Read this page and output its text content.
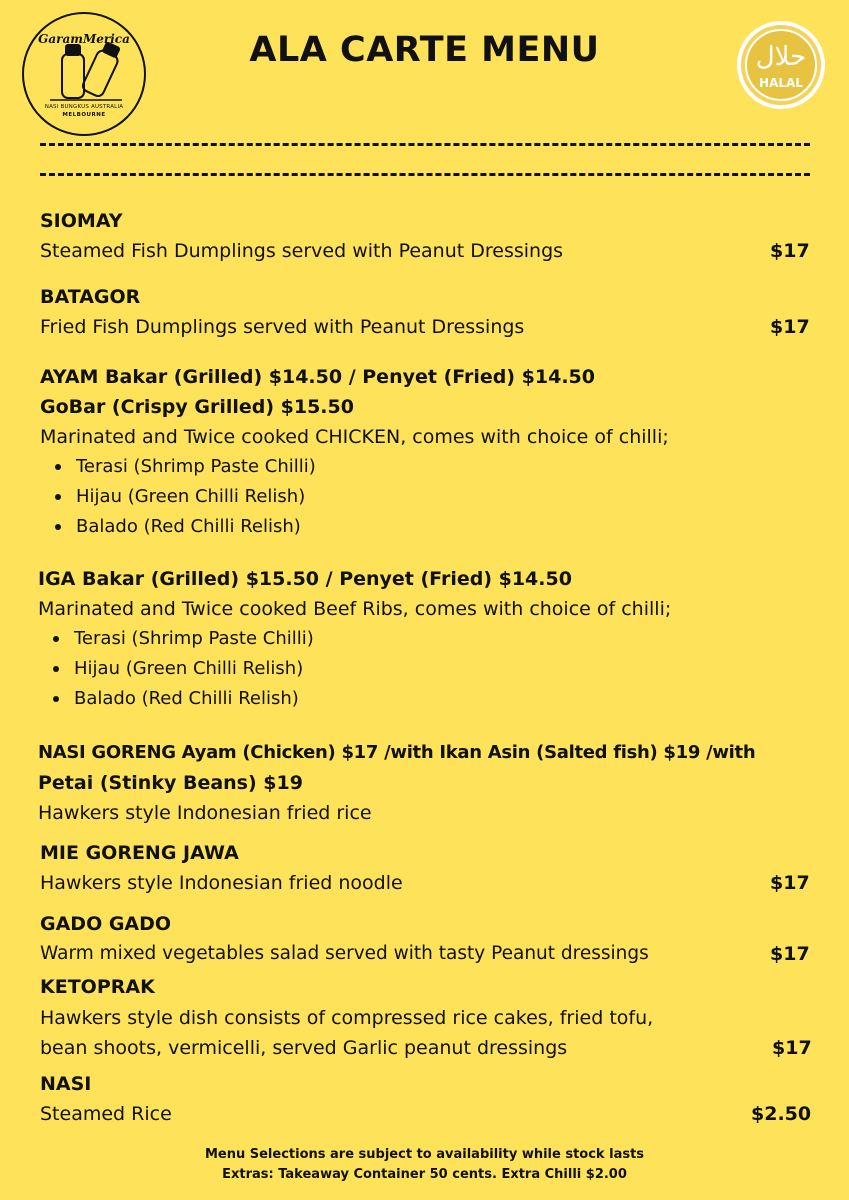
GaramMerica
NASI BUNGKUS AUSTRALIA
MELBOURNE
ALA CARTE MENU	حلال
HALAL
SIOMAY
Steamed Fish Dumplings served with Peanut Dressings	$17
BATAGOR
Fried Fish Dumplings served with Peanut Dressings	$17
AYAM Bakar (Grilled) $14.50 / Penyet (Fried) $14.50
GoBar (Crispy Grilled) $15.50
Marinated and Twice cooked CHICKEN, comes with choice of chilli;
Terasi (Shrimp Paste Chilli)
Hijau (Green Chilli Relish)
Balado (Red Chilli Relish)
IGA Bakar (Grilled) $15.50 / Penyet (Fried) $14.50
Marinated and Twice cooked Beef Ribs, comes with choice of chilli;
Terasi (Shrimp Paste Chilli)
Hijau (Green Chilli Relish)
Balado (Red Chilli Relish)
NASI GORENG Ayam (Chicken) $17 /with Ikan Asin (Salted fish) $19 /with
Petai (Stinky Beans) $19
Hawkers style Indonesian fried rice
MIE GORENG JAWA
Hawkers style Indonesian fried noodle	$17
GADO GADO
Warm mixed vegetables salad served with tasty Peanut dressings	$17
KETOPRAK
Hawkers style dish consists of compressed rice cakes, fried tofu,
bean shoots, vermicelli, served Garlic peanut dressings	$17
NASI
Steamed Rice	$2.50
Menu Selections are subject to availability while stock lasts
Extras: Takeaway Container 50 cents. Extra Chilli $2.00
